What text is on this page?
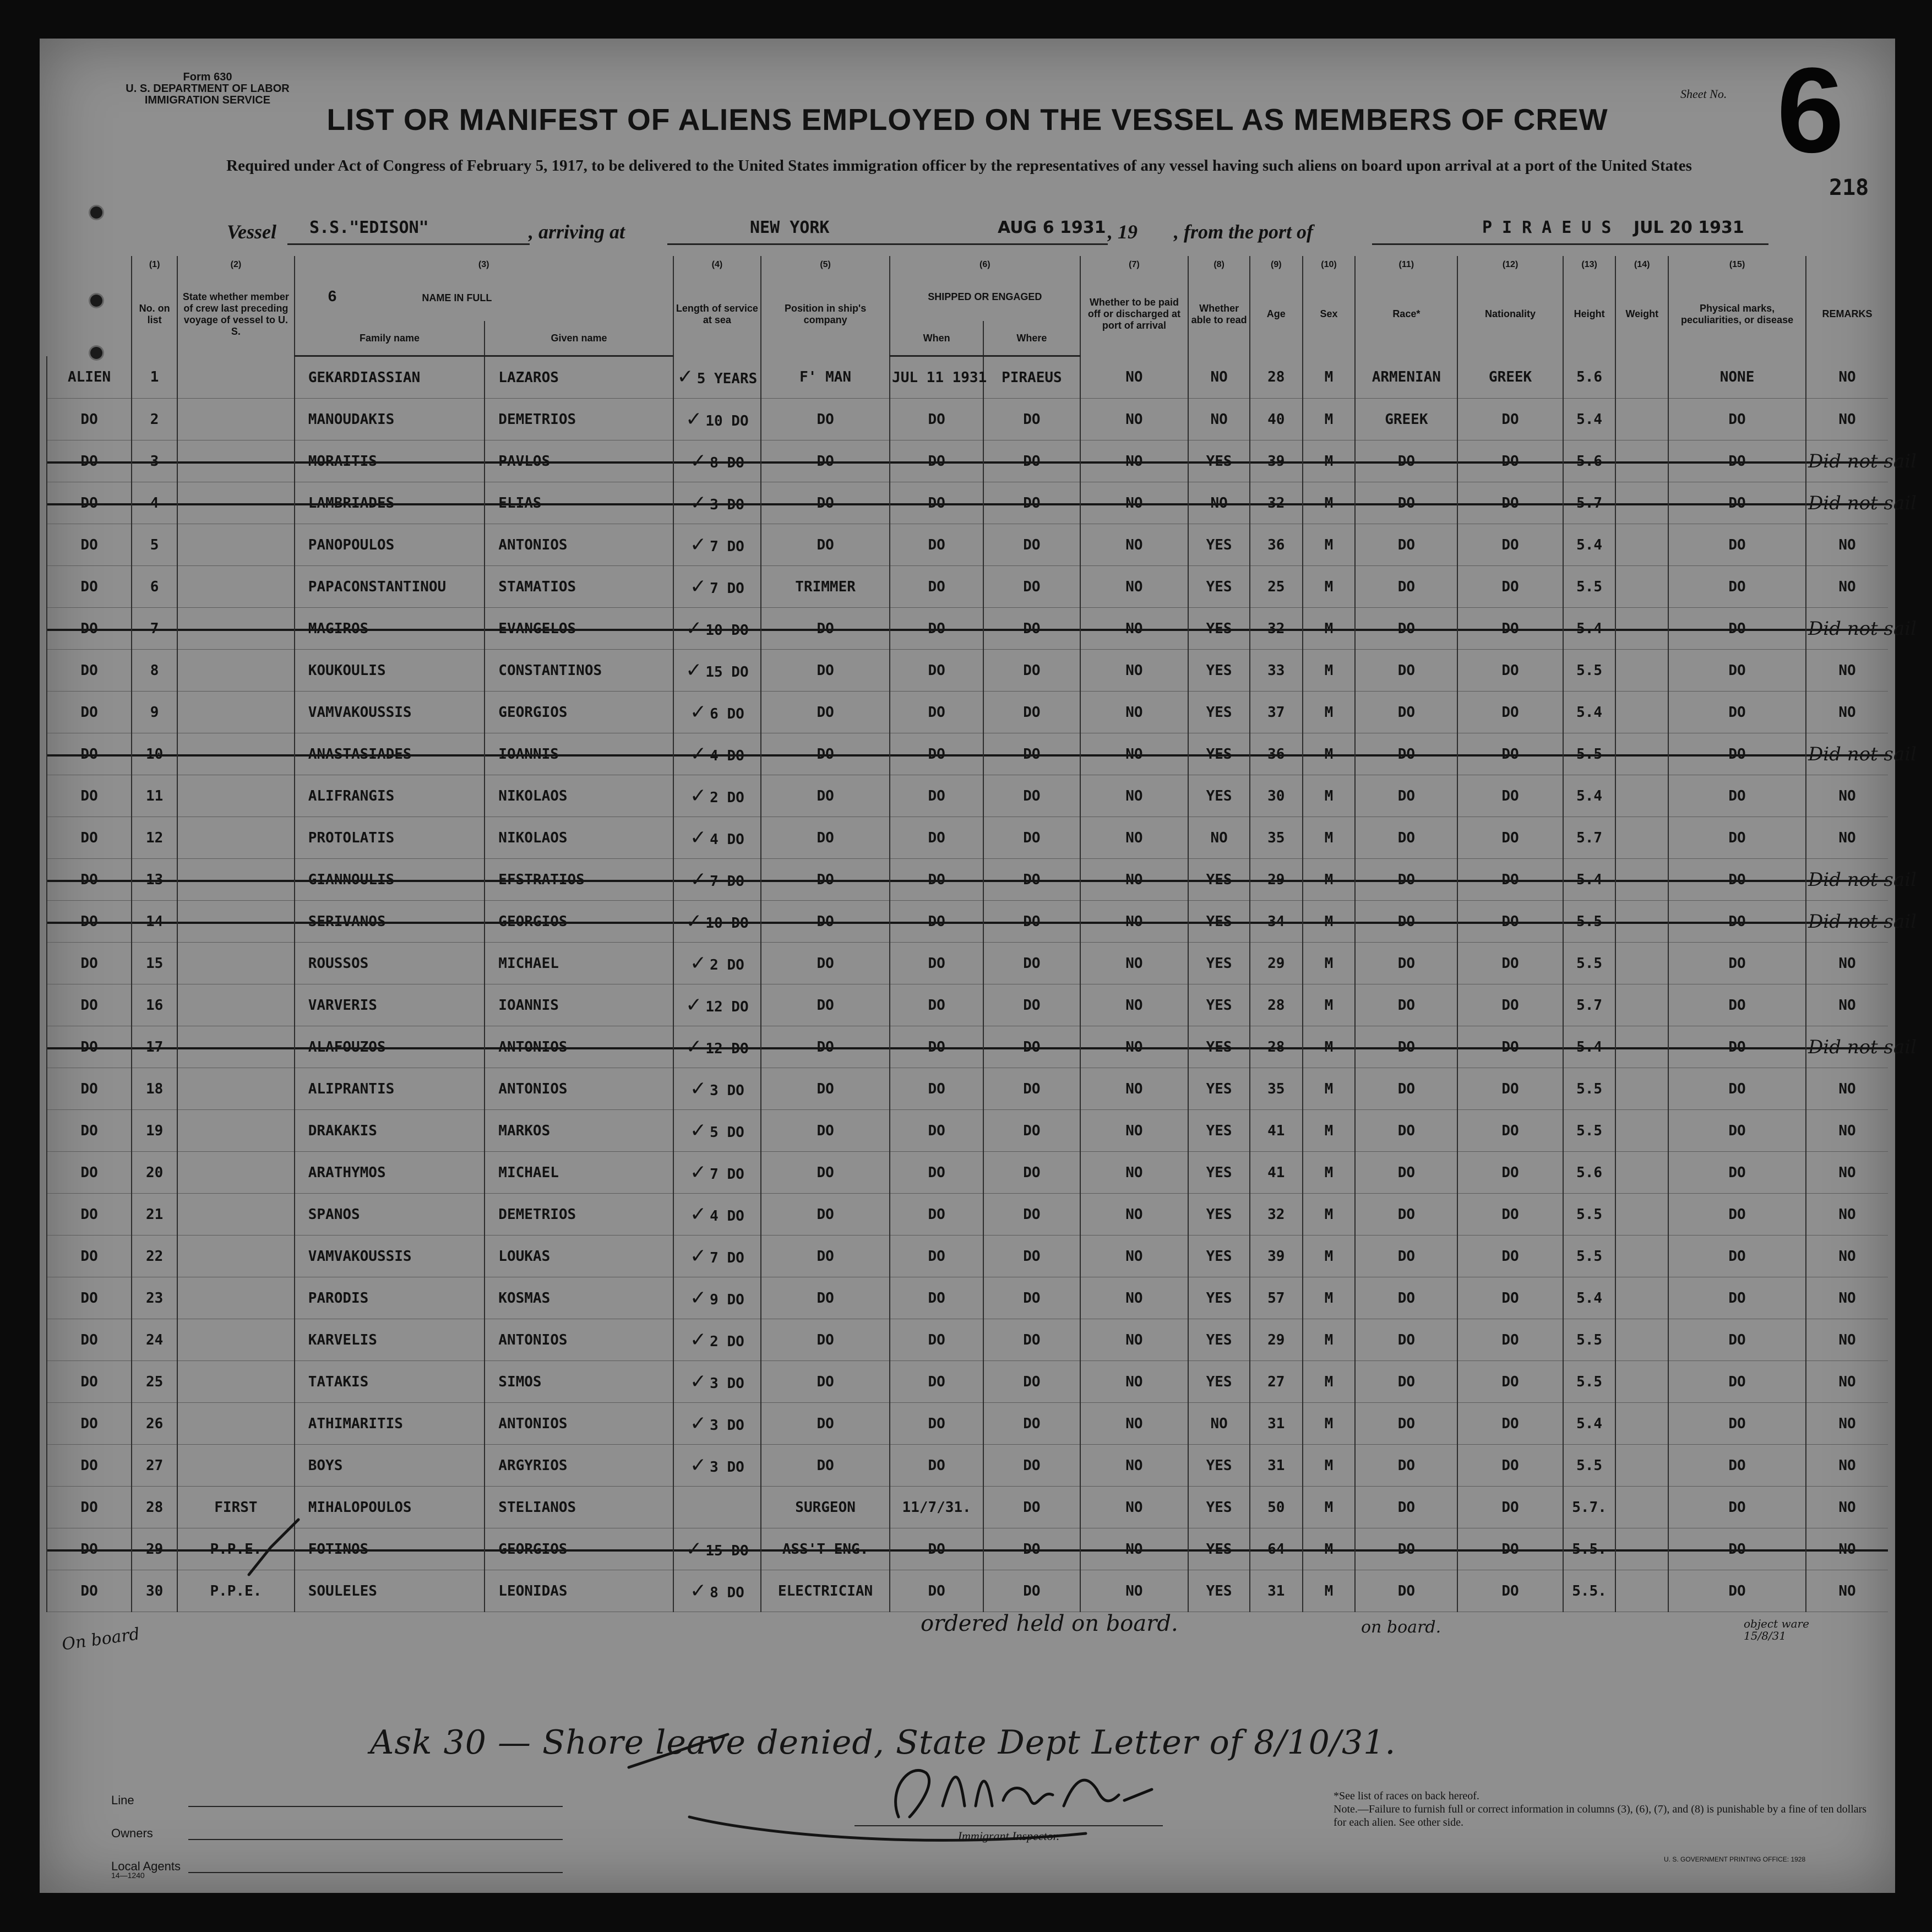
Form 630
U. S. DEPARTMENT OF LABOR
IMMIGRATION SERVICE	Sheet No. 6
218
LIST OR MANIFEST OF ALIENS EMPLOYED ON THE VESSEL AS MEMBERS OF CREW
Required under Act of Congress of February 5, 1917, to be delivered to the United States immigration officer by the representatives of any vessel having such aliens on board upon arrival at a port of the United States
Vessel S.S."EDISON"	, arriving at	NEW YORK	AUG 6 1931 , 19 , from the port of	PIRAEUS JUL 20 1931
	(1)	(2)	(3)		(4)	(5)	(6)		(7)	(8)	(9)	(10)	(11)	(12)	(13)	(14)	(15)	
	No. on list	State whether member of crew last preceding voyage of vessel to U. S.	6 NAME IN FULL		Length of service at sea	Position in ship's company	SHIPPED OR ENGAGED		Whether to be paid off or discharged at port of arrival	Whether able to read	Age	Sex	Race*	Nationality	Height	Weight	Physical marks, peculiarities, or disease	REMARKS
			Family name	Given name			When	Where										
ALIEN	1		GEKARDIASSIAN	LAZAROS	✓ 5 YEARS	F' MAN	JUL 11 1931	PIRAEUS	NO	NO	28	M	ARMENIAN	GREEK	5.6		NONE	NO
DO	2		MANOUDAKIS	DEMETRIOS	✓ 10 DO	DO	DO	DO	NO	NO	40	M	GREEK	DO	5.4		DO	NO
DO	3		MORAITIS	PAVLOS	✓ 8 DO	DO	DO	DO	NO	YES	39	M	DO	DO	5.6		DO	Did not sail
DO	4		LAMBRIADES	ELIAS	✓ 3 DO	DO	DO	DO	NO	NO	32	M	DO	DO	5.7		DO	Did not sail
DO	5		PANOPOULOS	ANTONIOS	✓ 7 DO	DO	DO	DO	NO	YES	36	M	DO	DO	5.4		DO	NO
DO	6		PAPACONSTANTINOU	STAMATIOS	✓ 7 DO	TRIMMER	DO	DO	NO	YES	25	M	DO	DO	5.5		DO	NO
DO	7		MAGIROS	EVANGELOS	✓ 10 DO	DO	DO	DO	NO	YES	32	M	DO	DO	5.4		DO	Did not sail
DO	8		KOUKOULIS	CONSTANTINOS	✓ 15 DO	DO	DO	DO	NO	YES	33	M	DO	DO	5.5		DO	NO
DO	9		VAMVAKOUSSIS	GEORGIOS	✓ 6 DO	DO	DO	DO	NO	YES	37	M	DO	DO	5.4		DO	NO
DO	10		ANASTASIADES	IOANNIS	✓ 4 DO	DO	DO	DO	NO	YES	36	M	DO	DO	5.5		DO	Did not sail
DO	11		ALIFRANGIS	NIKOLAOS	✓ 2 DO	DO	DO	DO	NO	YES	30	M	DO	DO	5.4		DO	NO
DO	12		PROTOLATIS	NIKOLAOS	✓ 4 DO	DO	DO	DO	NO	NO	35	M	DO	DO	5.7		DO	NO
DO	13		GIANNOULIS	EFSTRATIOS	✓ 7 DO	DO	DO	DO	NO	YES	29	M	DO	DO	5.4		DO	Did not sail
DO	14		SERIVANOS	GEORGIOS	✓ 10 DO	DO	DO	DO	NO	YES	34	M	DO	DO	5.5		DO	Did not sail
DO	15		ROUSSOS	MICHAEL	✓ 2 DO	DO	DO	DO	NO	YES	29	M	DO	DO	5.5		DO	NO
DO	16		VARVERIS	IOANNIS	✓ 12 DO	DO	DO	DO	NO	YES	28	M	DO	DO	5.7		DO	NO
DO	17		ALAFOUZOS	ANTONIOS	✓ 12 DO	DO	DO	DO	NO	YES	28	M	DO	DO	5.4		DO	Did not sail
DO	18		ALIPRANTIS	ANTONIOS	✓ 3 DO	DO	DO	DO	NO	YES	35	M	DO	DO	5.5		DO	NO
DO	19		DRAKAKIS	MARKOS	✓ 5 DO	DO	DO	DO	NO	YES	41	M	DO	DO	5.5		DO	NO
DO	20		ARATHYMOS	MICHAEL	✓ 7 DO	DO	DO	DO	NO	YES	41	M	DO	DO	5.6		DO	NO
DO	21		SPANOS	DEMETRIOS	✓ 4 DO	DO	DO	DO	NO	YES	32	M	DO	DO	5.5		DO	NO
DO	22		VAMVAKOUSSIS	LOUKAS	✓ 7 DO	DO	DO	DO	NO	YES	39	M	DO	DO	5.5		DO	NO
DO	23		PARODIS	KOSMAS	✓ 9 DO	DO	DO	DO	NO	YES	57	M	DO	DO	5.4		DO	NO
DO	24		KARVELIS	ANTONIOS	✓ 2 DO	DO	DO	DO	NO	YES	29	M	DO	DO	5.5		DO	NO
DO	25		TATAKIS	SIMOS	✓ 3 DO	DO	DO	DO	NO	YES	27	M	DO	DO	5.5		DO	NO
DO	26		ATHIMARITIS	ANTONIOS	✓ 3 DO	DO	DO	DO	NO	NO	31	M	DO	DO	5.4		DO	NO
DO	27		BOYS	ARGYRIOS	✓ 3 DO	DO	DO	DO	NO	YES	31	M	DO	DO	5.5		DO	NO
DO	28	FIRST	MIHALOPOULOS	STELIANOS		SURGEON	11/7/31.	DO	NO	YES	50	M	DO	DO	5.7.		DO	NO
DO	29	P.P.E.	FOTINOS	GEORGIOS	✓ 15 DO	ASS'T ENG.	DO	DO	NO	YES	64	M	DO	DO	5.5.		DO	NO
DO	30	P.P.E.	SOULELES	LEONIDAS	✓ 8 DO	ELECTRICIAN	DO	DO	NO	YES	31	M	DO	DO	5.5.		DO	NO
ordered held on board.	on board.
On board
object ware 15/8/31
Ask 30 — Shore leave denied, State Dept Letter of 8/10/31.
Line
Owners
Local Agents
14—1240
Immigrant Inspector.
*See list of races on back hereof.
Note.—Failure to furnish full or correct information in columns (3), (6), (7), and (8) is punishable by a fine of ten dollars for each alien. See other side.
U. S. GOVERNMENT PRINTING OFFICE: 1928
